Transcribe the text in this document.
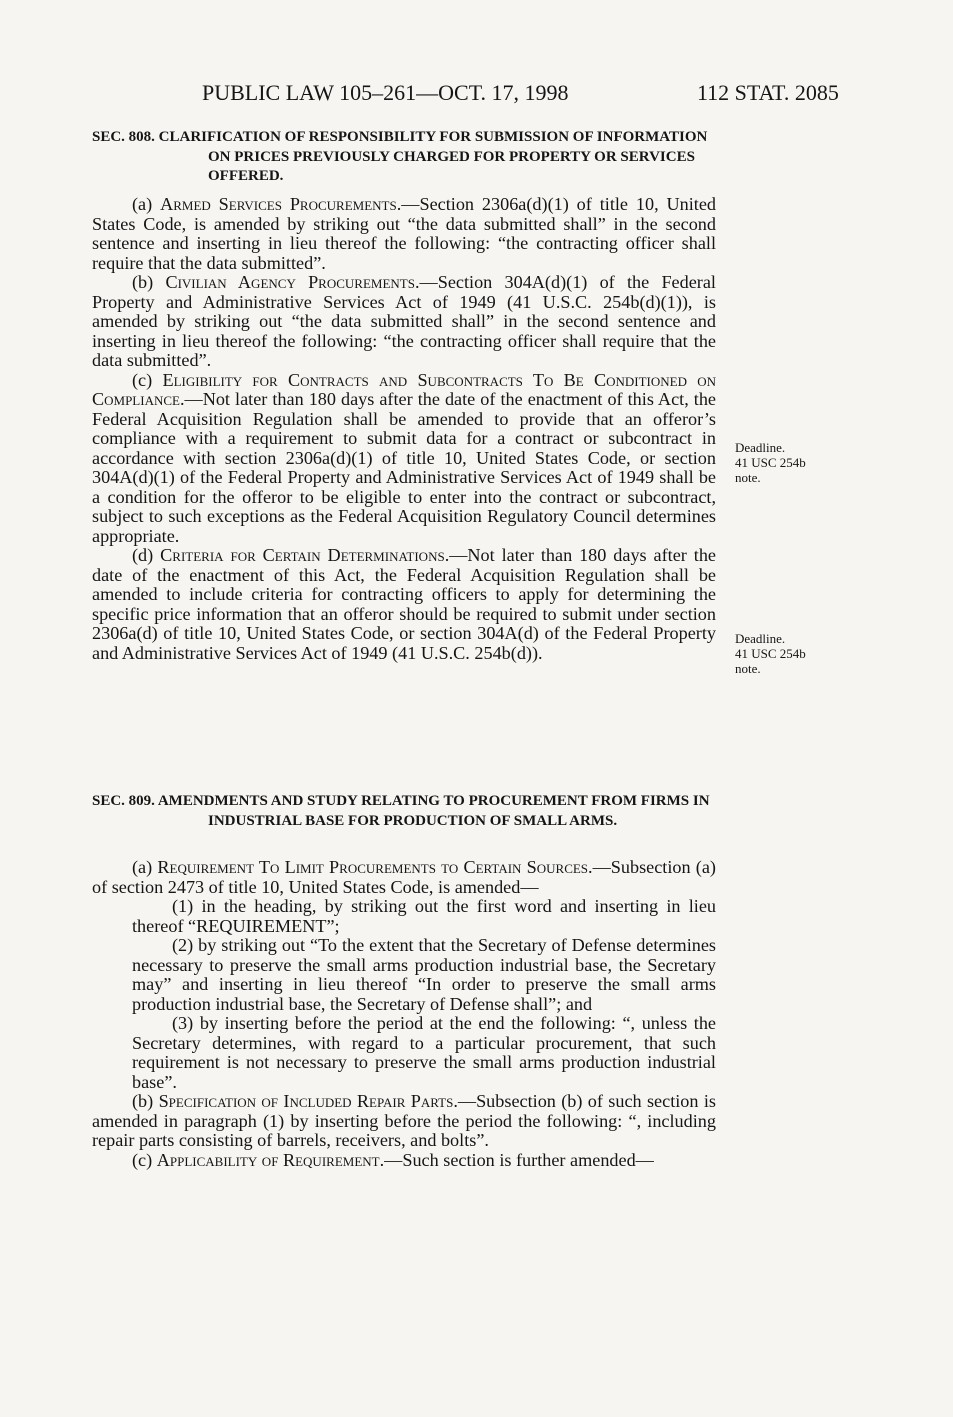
PUBLIC LAW 105–261—OCT. 17, 1998	112 STAT. 2085
SEC. 808. CLARIFICATION OF RESPONSIBILITY FOR SUBMISSION OF INFORMATION ON PRICES PREVIOUSLY CHARGED FOR PROPERTY OR SERVICES OFFERED.
(a) Armed Services Procurements.—Section 2306a(d)(1) of title 10, United States Code, is amended by striking out “the data submitted shall” in the second sentence and inserting in lieu thereof the following: “the contracting officer shall require that the data submitted”.
(b) Civilian Agency Procurements.—Section 304A(d)(1) of the Federal Property and Administrative Services Act of 1949 (41 U.S.C. 254b(d)(1)), is amended by striking out “the data submitted shall” in the second sentence and inserting in lieu thereof the following: “the contracting officer shall require that the data submitted”.
(c) Eligibility for Contracts and Subcontracts To Be Conditioned on Compliance.—Not later than 180 days after the date of the enactment of this Act, the Federal Acquisition Regulation shall be amended to provide that an offeror’s compliance with a requirement to submit data for a contract or subcontract in accordance with section 2306a(d)(1) of title 10, United States Code, or section 304A(d)(1) of the Federal Property and Administrative Services Act of 1949 shall be a condition for the offeror to be eligible to enter into the contract or subcontract, subject to such exceptions as the Federal Acquisition Regulatory Council determines appropriate.
(d) Criteria for Certain Determinations.—Not later than 180 days after the date of the enactment of this Act, the Federal Acquisition Regulation shall be amended to include criteria for contracting officers to apply for determining the specific price information that an offeror should be required to submit under section 2306a(d) of title 10, United States Code, or section 304A(d) of the Federal Property and Administrative Services Act of 1949 (41 U.S.C. 254b(d)).
Deadline.
41 USC 254b
note.
Deadline.
41 USC 254b
note.
SEC. 809. AMENDMENTS AND STUDY RELATING TO PROCUREMENT FROM FIRMS IN INDUSTRIAL BASE FOR PRODUCTION OF SMALL ARMS.
(a) Requirement To Limit Procurements to Certain Sources.—Subsection (a) of section 2473 of title 10, United States Code, is amended—
(1) in the heading, by striking out the first word and inserting in lieu thereof “REQUIREMENT”;
(2) by striking out “To the extent that the Secretary of Defense determines necessary to preserve the small arms production industrial base, the Secretary may” and inserting in lieu thereof “In order to preserve the small arms production industrial base, the Secretary of Defense shall”; and
(3) by inserting before the period at the end the following: “, unless the Secretary determines, with regard to a particular procurement, that such requirement is not necessary to preserve the small arms production industrial base”.
(b) Specification of Included Repair Parts.—Subsection (b) of such section is amended in paragraph (1) by inserting before the period the following: “, including repair parts consisting of barrels, receivers, and bolts”.
(c) Applicability of Requirement.—Such section is further amended—
